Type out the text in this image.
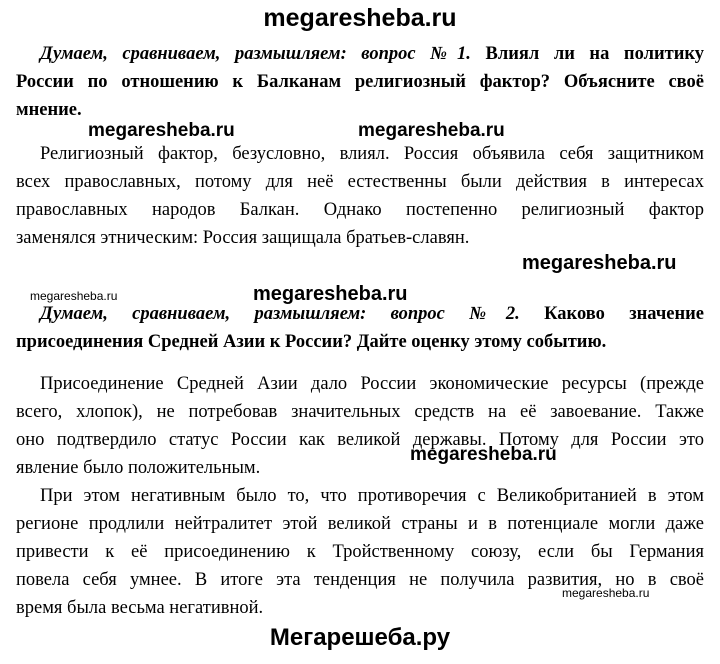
megaresheba.ru
Думаем, сравниваем, размышляем: вопрос №1. Влиял ли на политику
России по отношению к Балканам религиозный фактор? Объясните своё
мнение.
megaresheba.ru	megaresheba.ru
Религиозный фактор, безусловно, влиял. Россия объявила себя защитником
всех православных, потому для неё естественны были действия в интересах
православных народов Балкан. Однако постепенно религиозный фактор
заменялся этническим: Россия защищала братьев-славян.
megaresheba.ru
megaresheba.ru	megaresheba.ru
Думаем, сравниваем, размышляем: вопрос №2. Каково значение
присоединения Средней Азии к России? Дайте оценку этому событию.
Присоединение Средней Азии дало России экономические ресурсы (прежде
всего, хлопок), не потребовав значительных средств на её завоевание. Также
оно подтвердило статус России как великой державы. Потому для России это
явление было положительным.
megaresheba.ru
При этом негативным было то, что противоречия с Великобританией в этом
регионе продлили нейтралитет этой великой страны и в потенциале могли даже
привести к её присоединению к Тройственному союзу, если бы Германия
повела себя умнее. В итоге эта тенденция не получила развития, но в своё
время была весьма негативной.
megaresheba.ru
Мегарешеба.ру
